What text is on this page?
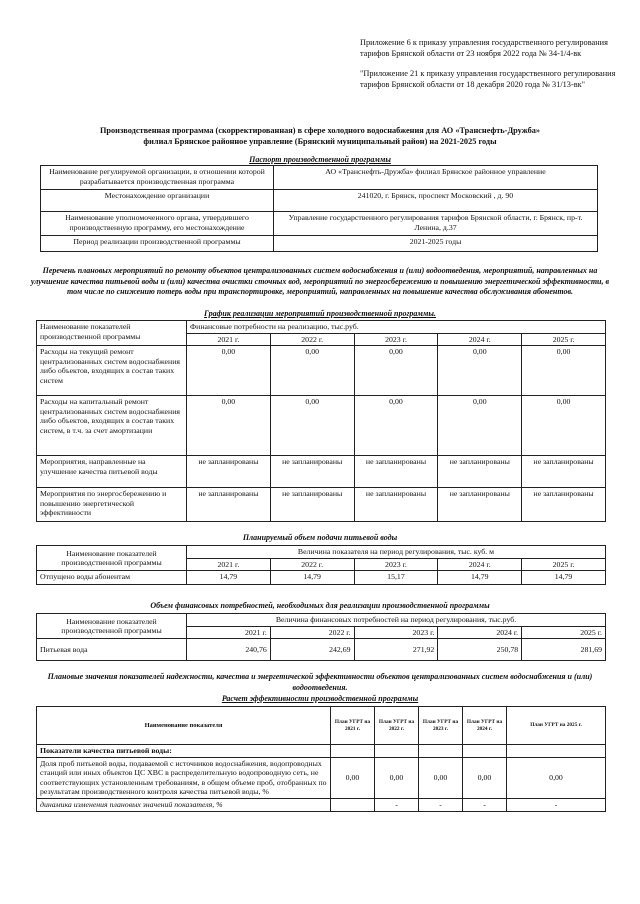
Приложение 6 к приказу управления государственного регулирования тарифов Брянской области от 23 ноября 2022 года № 34-1/4-вк

"Приложение 21 к приказу управления государственного регулирования тарифов Брянской области от 18 декабря 2020 года № 31/13-вк"

Производственная программа (скорректированная) в сфере холодного водоснабжения для АО «Транснефть-Дружба»
филиал Брянское районное управление (Брянский муниципальный район) на 2021-2025 годы
Паспорт производственной программы
Наименование регулируемой организации, в отношении которой разрабатывается производственная программа	АО «Транснефть-Дружба» филиал Брянское районное управление
Местонахождение организации	241020, г. Брянск, проспект Московский , д. 90
Наименование уполномоченного органа, утвердившего производственную программу, его местонахождение	Управление государственного регулирования тарифов Брянской области, г. Брянск, пр-т. Ленина, д.37
Период реализации производственной программы	2021-2025 годы
Перечень плановых мероприятий по ремонту объектов централизованных систем водоснабжения и (или) водоотведения, мероприятий, направленных на улучшение качества питьевой воды и (или) качества очистки сточных вод, мероприятий по энергосбережению и повышению энергетической эффективности, в том числе по снижению потерь воды при транспортировке, мероприятий, направленных на повышение качества обслуживания абонентов.
График реализации мероприятий производственной программы.
Наименование показателей производственной программы	Финансовые потребности на реализацию, тыс.руб.				
	2021 г.	2022 г.	2023 г.	2024 г.	2025 г.
Расходы на текущий ремонт централизованных систем водоснабжения либо объектов, входящих в состав таких систем	0,00	0,00	0,00	0,00	0,00
Расходы на капитальный ремонт централизованных систем водоснабжения либо объектов, входящих в состав таких систем, в т.ч. за счет амортизации	0,00	0,00	0,00	0,00	0,00
Мероприятия, направленные на улучшение качества питьевой воды	не запланированы	не запланированы	не запланированы	не запланированы	не запланированы
Мероприятия по энергосбережению и повышению энергетической эффективности	не запланированы	не запланированы	не запланированы	не запланированы	не запланированы
Планируемый объем подачи питьевой воды
Наименование показателей производственной программы	Величина показателя на период регулирования, тыс. куб. м				
	2021 г.	2022 г.	2023 г.	2024 г.	2025 г.
Отпущено воды абонентам	14,79	14,79	15,17	14,79	14,79
Объем финансовых потребностей, необходимых для реализации производственной программы
Наименование показателей производственной программы	Величина финансовых потребностей на период регулирования, тыс.руб.				
	2021 г.	2022 г.	2023 г.	2024 г.	2025 г.
Питьевая вода	240,76	242,69	271,92	250,78	281,69
Плановые значения показателей надежности, качества и энергетической эффективности объектов централизованных систем водоснабжения и (или) водоотведения.
Расчет эффективности производственной программы
Наименование показателя	План УГРТ на 2021 г.	План УГРТ на 2022 г.	План УГРТ на 2023 г.	План УГРТ на 2024 г.	План УГРТ на 2025 г.
Показатели качества питьевой воды:					
Доля проб питьевой воды, подаваемой с источников водоснабжения, водопроводных станций или иных объектов ЦС ХВС в распределительную водопроводную сеть, не соответствующих установленным требованиям, в общем объеме проб, отобранных по результатам производственного контроля качества питьевой воды, %	0,00	0,00	0,00	0,00	0,00
динамика изменения плановых значений показателя, %		-	-	-	-
